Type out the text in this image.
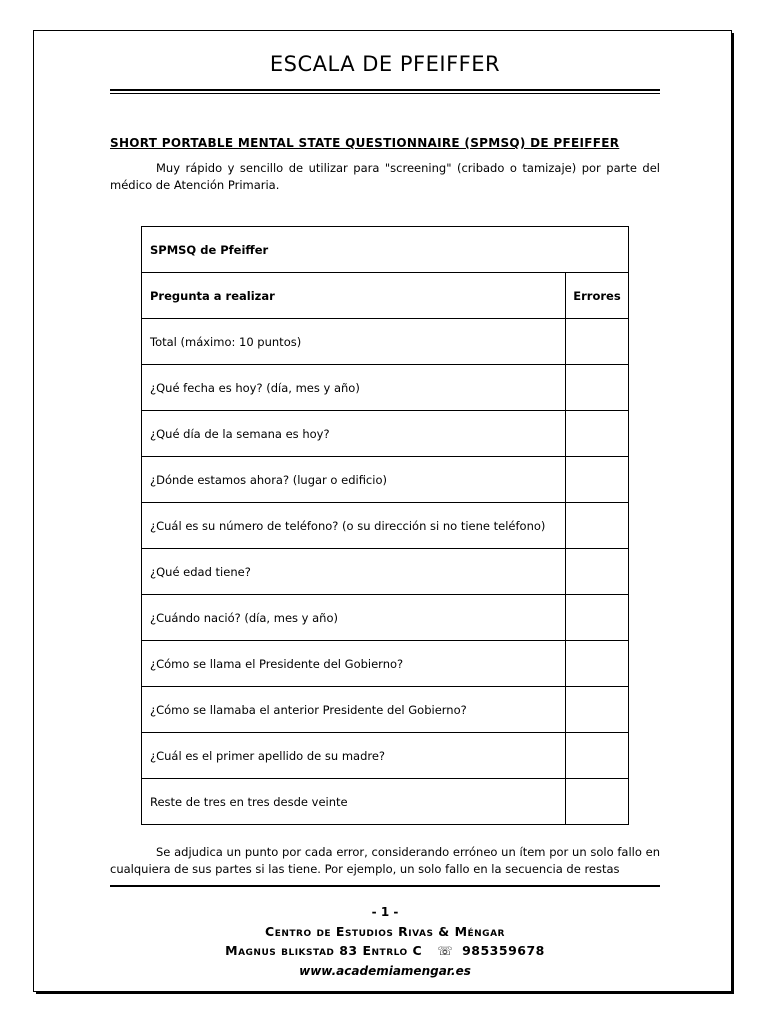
ESCALA DE PFEIFFER
SHORT PORTABLE MENTAL STATE QUESTIONNAIRE (SPMSQ) DE PFEIFFER
Muy rápido y sencillo de utilizar para "screening" (cribado o tamizaje) por parte del médico de Atención Primaria.
SPMSQ de Pfeiffer	
Pregunta a realizar	Errores
Total (máximo: 10 puntos)	
¿Qué fecha es hoy? (día, mes y año)	
¿Qué día de la semana es hoy?	
¿Dónde estamos ahora? (lugar o edificio)	
¿Cuál es su número de teléfono? (o su dirección si no tiene teléfono)	
¿Qué edad tiene?	
¿Cuándo nació? (día, mes y año)	
¿Cómo se llama el Presidente del Gobierno?	
¿Cómo se llamaba el anterior Presidente del Gobierno?	
¿Cuál es el primer apellido de su madre?	
Reste de tres en tres desde veinte	
Se adjudica un punto por cada error, considerando erróneo un ítem por un solo fallo en cualquiera de sus partes si las tiene. Por ejemplo, un solo fallo en la secuencia de restas
- 1 -
Centro de Estudios Rivas & Méngar
Magnus blikstad 83 Entrlo C ☏ 985359678
www.academiamengar.es
